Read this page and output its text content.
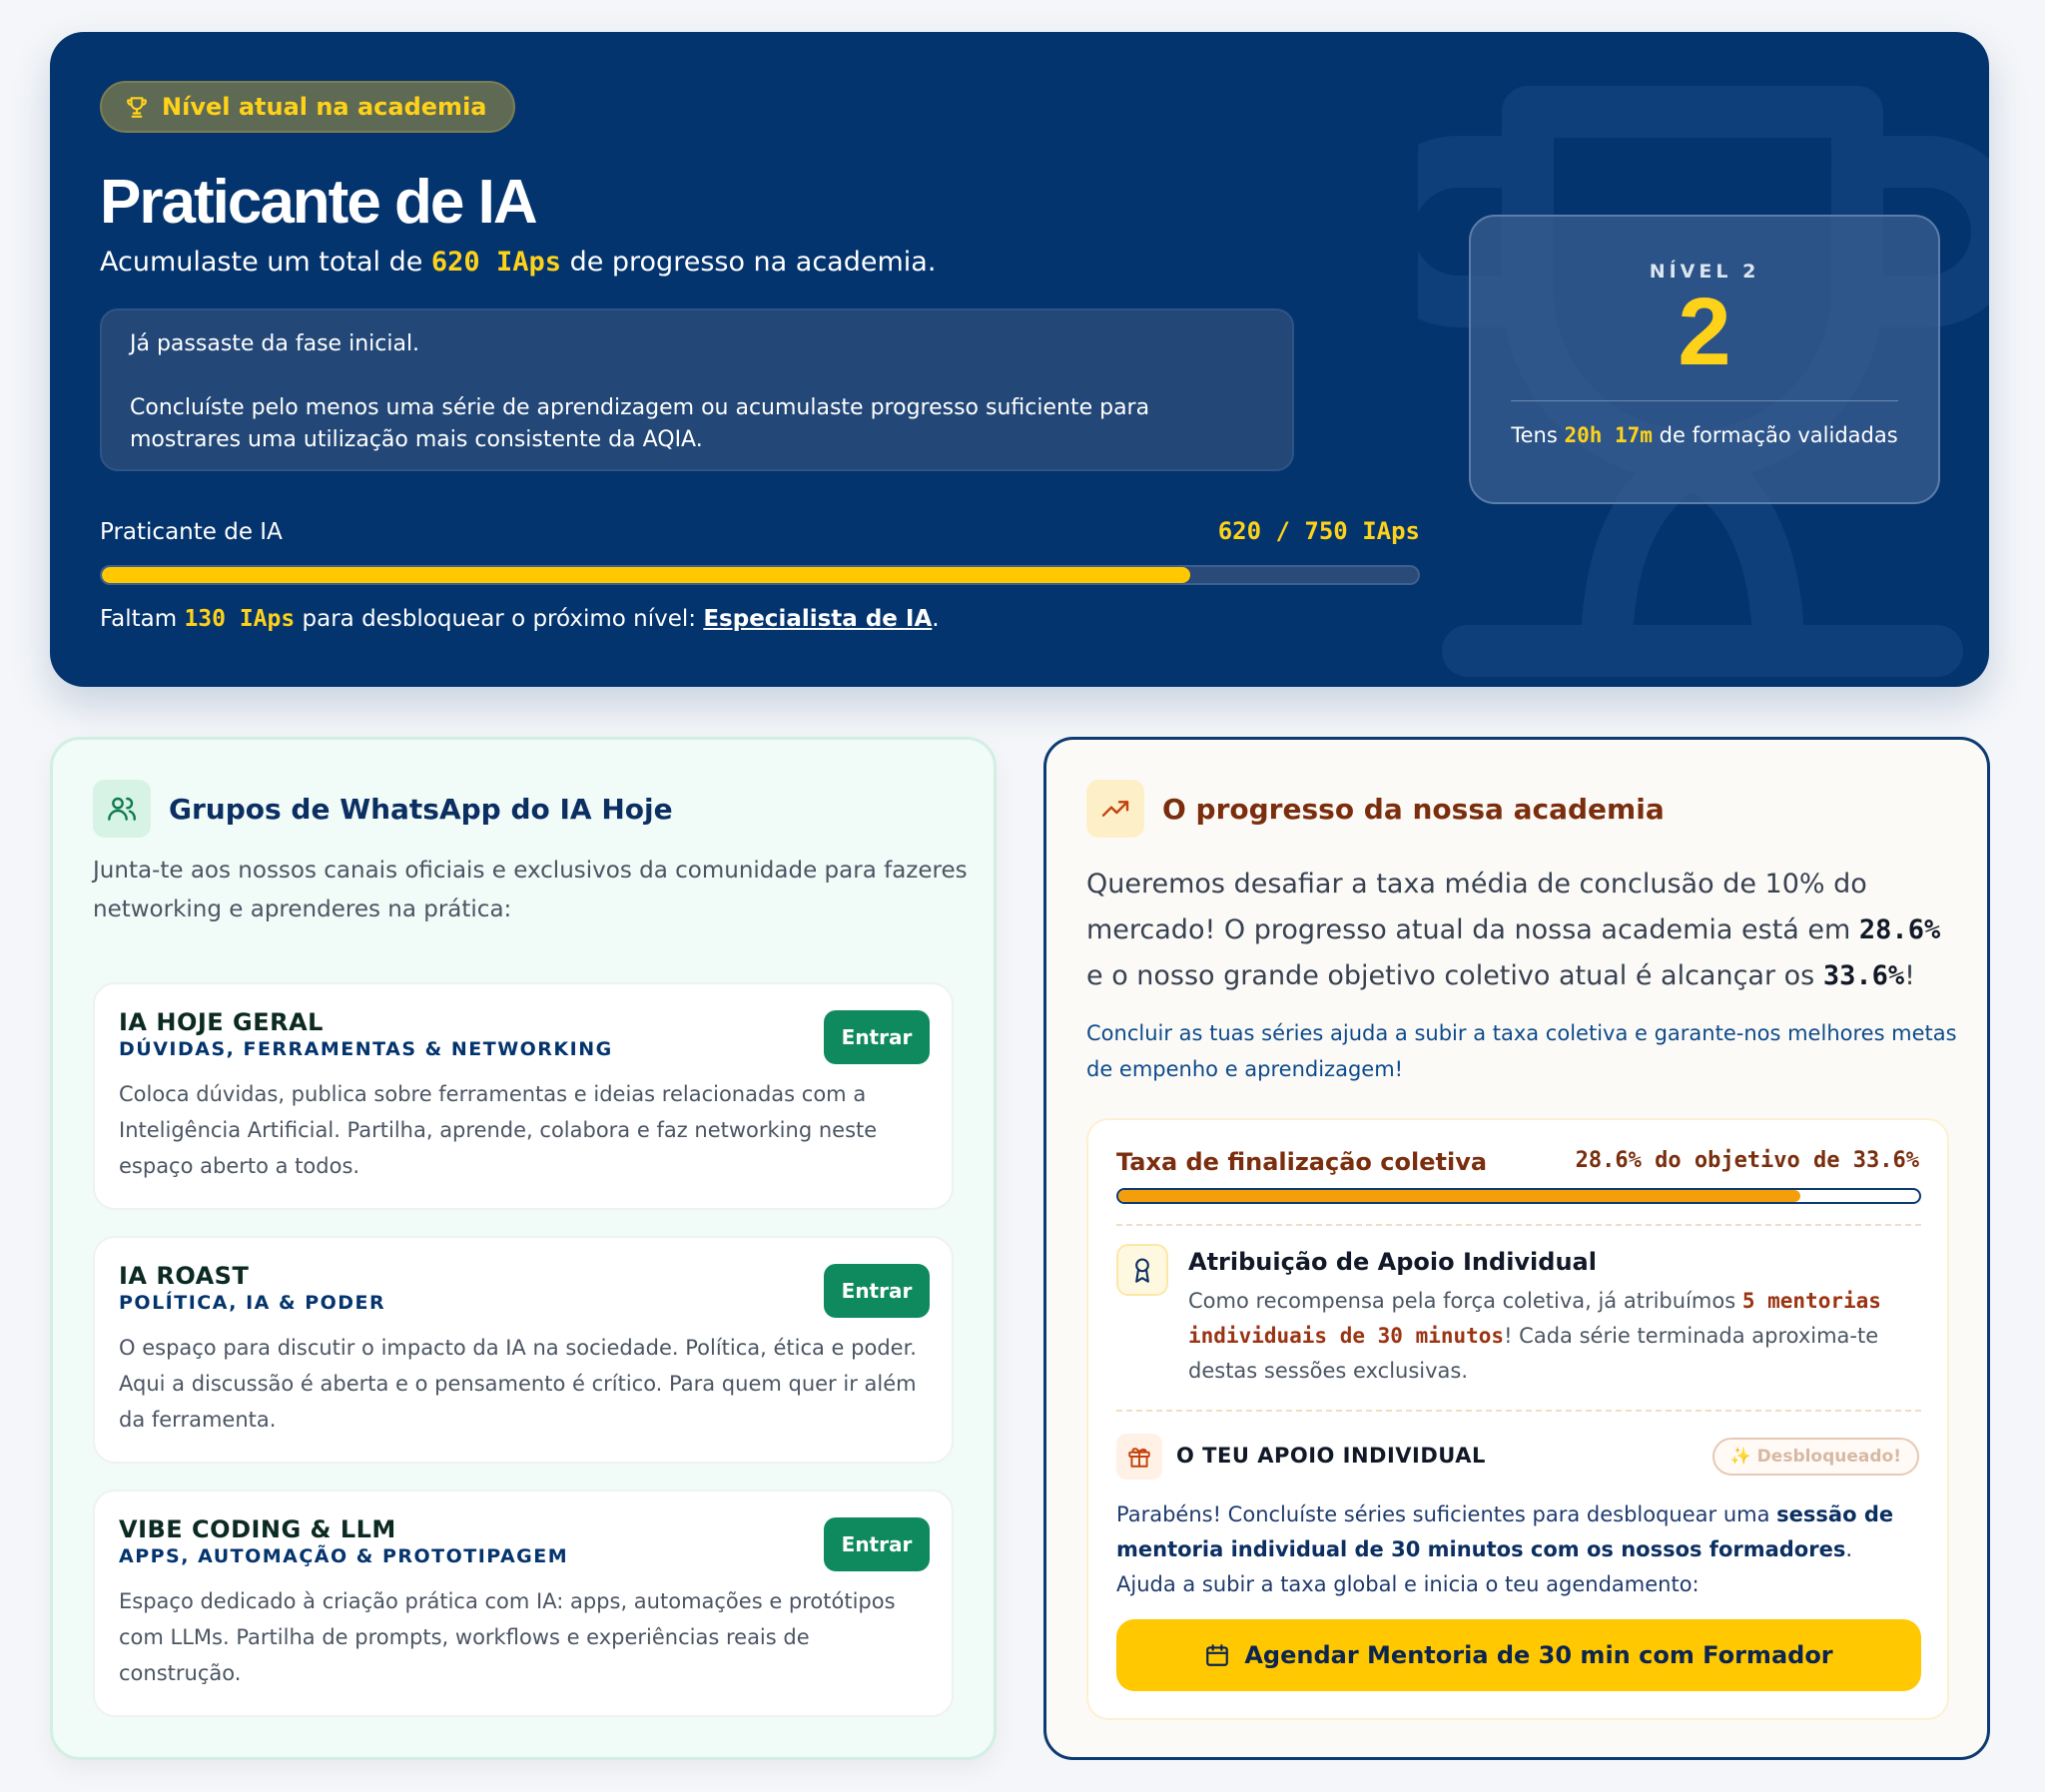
Nível atual na academia
Praticante de IA

Acumulaste um total de 620 IAps de progresso na academia.

Já passaste da fase inicial.

Concluíste pelo menos uma série de aprendizagem ou acumulaste progresso suficiente para mostrares uma utilização mais consistente da AQIA.

Praticante de IA	620 / 750 IAps

Faltam 130 IAps para desbloquear o próximo nível: Especialista de IA.

NÍVEL 2
2
Tens 20h 17m de formação validadas
Grupos de WhatsApp do IA Hoje

Junta-te aos nossos canais oficiais e exclusivos da comunidade para fazeres networking e aprenderes na prática:

IA HOJE GERAL
DÚVIDAS, FERRAMENTAS & NETWORKING

Coloca dúvidas, publica sobre ferramentas e ideias relacionadas com a Inteligência Artificial. Partilha, aprende, colabora e faz networking neste espaço aberto a todos.

Entrar
IA ROAST
POLÍTICA, IA & PODER

O espaço para discutir o impacto da IA na sociedade. Política, ética e poder. Aqui a discussão é aberta e o pensamento é crítico. Para quem quer ir além da ferramenta.

Entrar
VIBE CODING & LLM
APPS, AUTOMAÇÃO & PROTOTIPAGEM

Espaço dedicado à criação prática com IA: apps, automações e protótipos com LLMs. Partilha de prompts, workflows e experiências reais de construção.

Entrar
O progresso da nossa academia

Queremos desafiar a taxa média de conclusão de 10% do mercado! O progresso atual da nossa academia está em 28.6% e o nosso grande objetivo coletivo atual é alcançar os 33.6%!

Concluir as tuas séries ajuda a subir a taxa coletiva e garante-nos melhores metas de empenho e aprendizagem!

Taxa de finalização coletiva	28.6% do objetivo de 33.6%
Atribuição de Apoio Individual

Como recompensa pela força coletiva, já atribuímos 5 mentorias individuais de 30 minutos! Cada série terminada aproxima-te destas sessões exclusivas.

O TEU APOIO INDIVIDUAL	✨ Desbloqueado!

Parabéns! Concluíste séries suficientes para desbloquear uma sessão de mentoria individual de 30 minutos com os nossos formadores. Ajuda a subir a taxa global e inicia o teu agendamento:

Agendar Mentoria de 30 min com Formador
